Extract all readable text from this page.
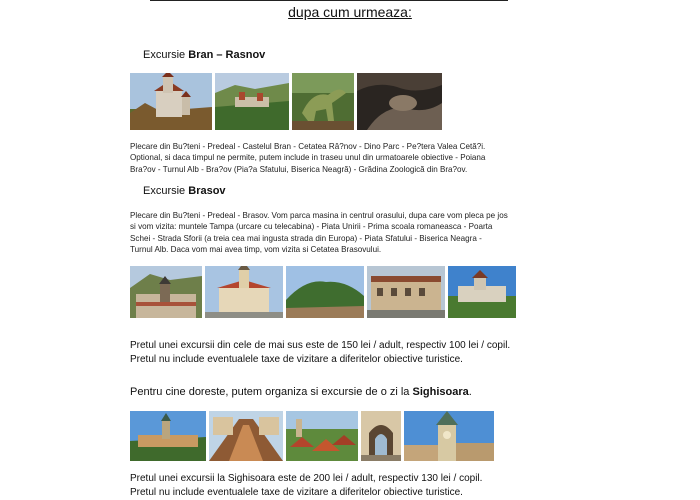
dupa cum urmeaza:
Excursie Bran – Rasnov
Plecare din Bu?teni - Predeal - Castelul Bran - Cetatea Râ?nov - Dino Parc - Pe?tera Valea Cetă?i.
Optional, si daca timpul ne permite, putem include in traseu unul din urmatoarele obiective - Poiana
Bra?ov - Turnul Alb - Bra?ov (Pia?a Sfatului, Biserica Neagră) - Grădina Zoologică din Bra?ov.
Excursie Brasov
Plecare din Bu?teni - Predeal - Brasov. Vom parca masina in centrul orasului, dupa care vom pleca pe jos
si vom vizita: muntele Tampa (urcare cu telecabina) - Piata Unirii - Prima scoala romaneasca - Poarta
Schei - Strada Sforii (a treia cea mai ingusta strada din Europa) - Piata Sfatului - Biserica Neagra -
Turnul Alb. Daca vom mai avea timp, vom vizita si Cetatea Brasovului.
Pretul unei excursii din cele de mai sus este de 150 lei / adult, respectiv 100 lei / copil.
Pretul nu include eventualele taxe de vizitare a diferitelor obiective turistice.
Pentru cine doreste, putem organiza si excursie de o zi la Sighisoara.
Pretul unei excursii la Sighisoara este de 200 lei / adult, respectiv 130 lei / copil.
Pretul nu include eventualele taxe de vizitare a diferitelor obiective turistice.
